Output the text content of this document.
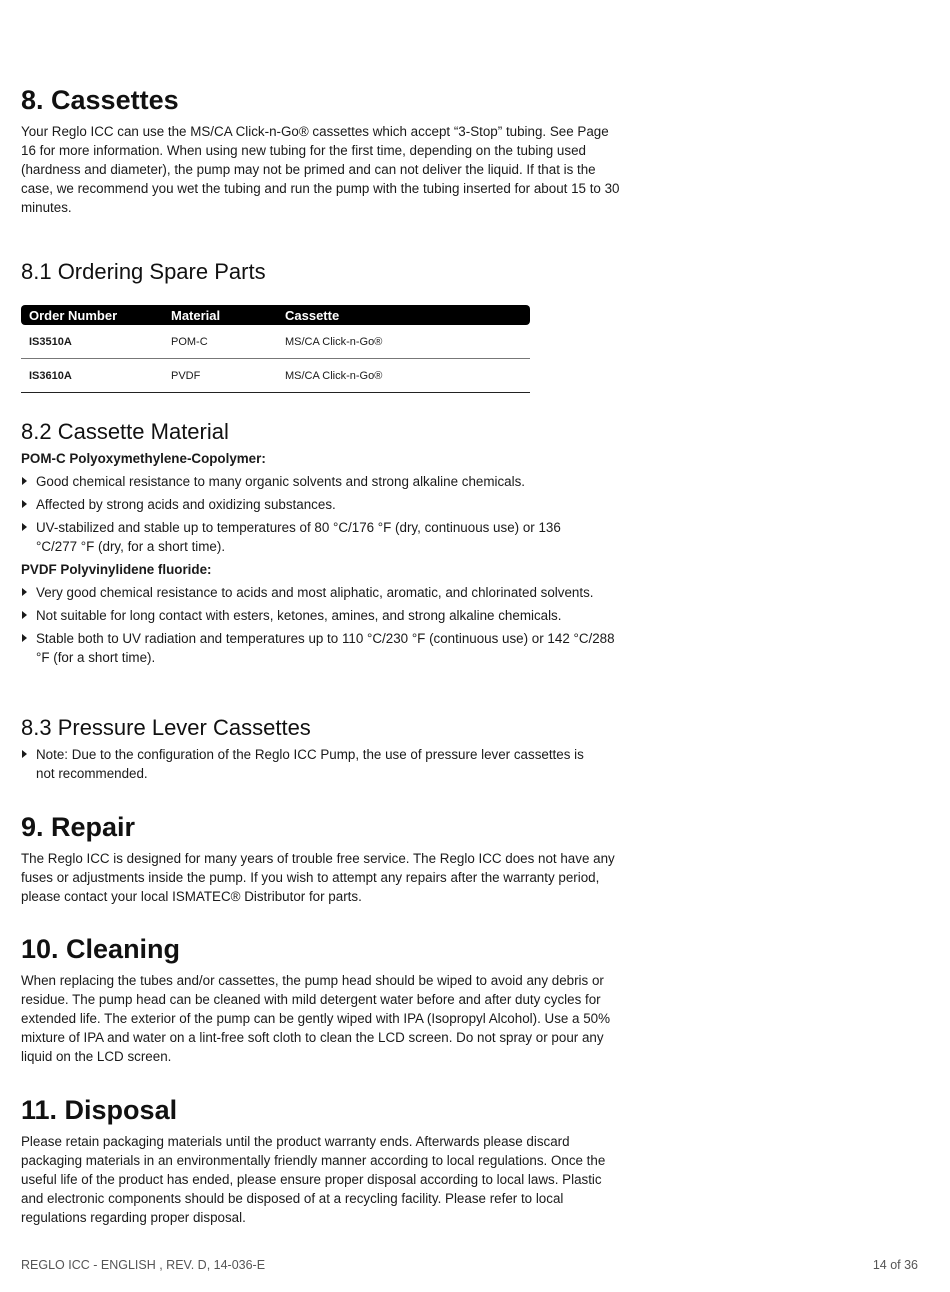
8. Cassettes

Your Reglo ICC can use the MS/CA Click-n-Go® cassettes which accept “3-Stop” tubing. See Page 16 for more information. When using new tubing for the first time, depending on the tubing used (hardness and diameter), the pump may not be primed and can not deliver the liquid. If that is the case, we recommend you wet the tubing and run the pump with the tubing inserted for about 15 to 30 minutes.

8.1 Ordering Spare Parts
Order Number	Material	Cassette
IS3510A	POM-C	MS/CA Click-n-Go®
IS3610A	PVDF	MS/CA Click-n-Go®
8.2 Cassette Material
POM-C Polyoxymethylene-Copolymer:
Good chemical resistance to many organic solvents and strong alkaline chemicals.
Affected by strong acids and oxidizing substances.
UV-stabilized and stable up to temperatures of 80 °C/176 °F (dry, continuous use) or 136 °C/277 °F (dry, for a short time).
PVDF Polyvinylidene fluoride:
Very good chemical resistance to acids and most aliphatic, aromatic, and chlorinated solvents.
Not suitable for long contact with esters, ketones, amines, and strong alkaline chemicals.
Stable both to UV radiation and temperatures up to 110 °C/230 °F (continuous use) or 142 °C/288 °F (for a short time).
8.3 Pressure Lever Cassettes
Note: Due to the configuration of the Reglo ICC Pump, the use of pressure lever cassettes is not recommended.
9. Repair

The Reglo ICC is designed for many years of trouble free service. The Reglo ICC does not have any fuses or adjustments inside the pump. If you wish to attempt any repairs after the warranty period, please contact your local ISMATEC® Distributor for parts.

10. Cleaning

When replacing the tubes and/or cassettes, the pump head should be wiped to avoid any debris or residue. The pump head can be cleaned with mild detergent water before and after duty cycles for extended life. The exterior of the pump can be gently wiped with IPA (Isopropyl Alcohol). Use a 50% mixture of IPA and water on a lint-free soft cloth to clean the LCD screen. Do not spray or pour any liquid on the LCD screen.

11. Disposal

Please retain packaging materials until the product warranty ends. Afterwards please discard packaging materials in an environmentally friendly manner according to local regulations. Once the useful life of the product has ended, please ensure proper disposal according to local laws. Plastic and electronic components should be disposed of at a recycling facility. Please refer to local regulations regarding proper disposal.

REGLO ICC - ENGLISH , REV. D, 14-036-E	14 of 36
